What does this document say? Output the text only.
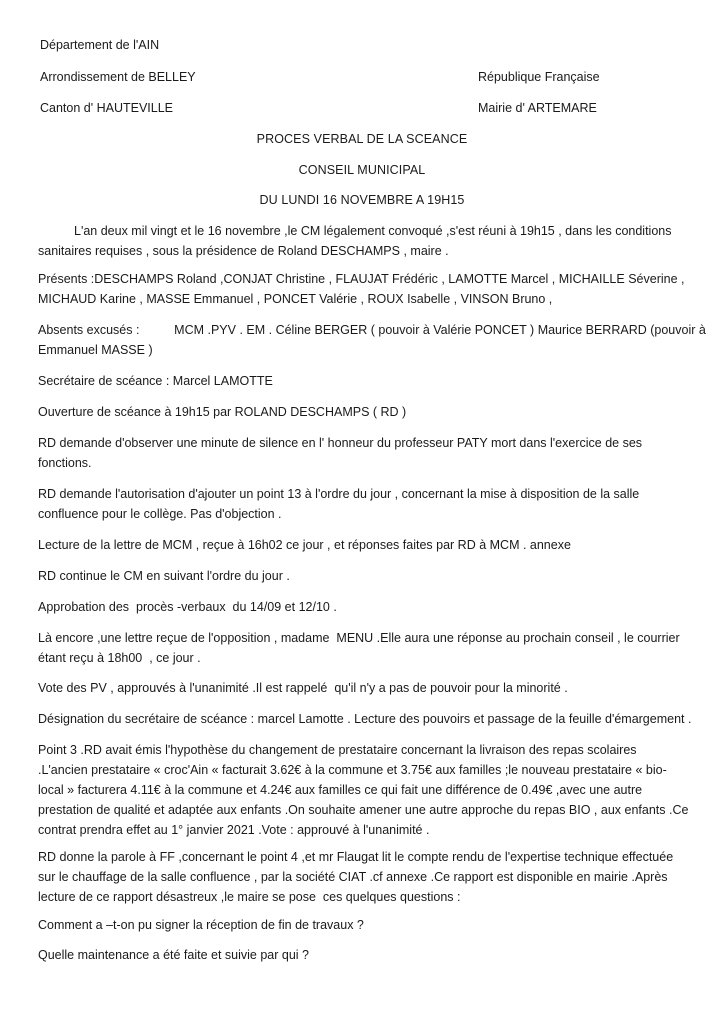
Département de l'AIN
Arrondissement de BELLEY	République Française
Canton d' HAUTEVILLE	Mairie d' ARTEMARE
PROCES VERBAL DE LA SCEANCE
CONSEIL MUNICIPAL
DU LUNDI 16 NOVEMBRE A 19H15
L'an deux mil vingt et le 16 novembre ,le CM légalement convoqué ,s'est réuni à 19h15 , dans les conditions
sanitaires requises , sous la présidence de Roland DESCHAMPS , maire .
Présents :DESCHAMPS Roland ,CONJAT Christine , FLAUJAT Frédéric , LAMOTTE Marcel , MICHAILLE Séverine ,
MICHAUD Karine , MASSE Emmanuel , PONCET Valérie , ROUX Isabelle , VINSON Bruno ,
Absents excusés :          MCM .PYV . EM . Céline BERGER ( pouvoir à Valérie PONCET ) Maurice BERRARD (pouvoir à
Emmanuel MASSE )
Secrétaire de scéance : Marcel LAMOTTE
Ouverture de scéance à 19h15 par ROLAND DESCHAMPS ( RD )
RD demande d'observer une minute de silence en l' honneur du professeur PATY mort dans l'exercice de ses
fonctions.
RD demande l'autorisation d'ajouter un point 13 à l'ordre du jour , concernant la mise à disposition de la salle
confluence pour le collège. Pas d'objection .
Lecture de la lettre de MCM , reçue à 16h02 ce jour , et réponses faites par RD à MCM . annexe
RD continue le CM en suivant l'ordre du jour .
Approbation des  procès -verbaux  du 14/09 et 12/10 .
Là encore ,une lettre reçue de l'opposition , madame  MENU .Elle aura une réponse au prochain conseil , le courrier
étant reçu à 18h00  , ce jour .
Vote des PV , approuvés à l'unanimité .Il est rappelé  qu'il n'y a pas de pouvoir pour la minorité .
Désignation du secrétaire de scéance : marcel Lamotte . Lecture des pouvoirs et passage de la feuille d'émargement .
Point 3 .RD avait émis l'hypothèse du changement de prestataire concernant la livraison des repas scolaires
.L'ancien prestataire « croc'Ain « facturait 3.62€ à la commune et 3.75€ aux familles ;le nouveau prestataire « bio-
local » facturera 4.11€ à la commune et 4.24€ aux familles ce qui fait une différence de 0.49€ ,avec une autre
prestation de qualité et adaptée aux enfants .On souhaite amener une autre approche du repas BIO , aux enfants .Ce
contrat prendra effet au 1° janvier 2021 .Vote : approuvé à l'unanimité .
RD donne la parole à FF ,concernant le point 4 ,et mr Flaugat lit le compte rendu de l'expertise technique effectuée
sur le chauffage de la salle confluence , par la société CIAT .cf annexe .Ce rapport est disponible en mairie .Après
lecture de ce rapport désastreux ,le maire se pose  ces quelques questions :
Comment a –t-on pu signer la réception de fin de travaux ?
Quelle maintenance a été faite et suivie par qui ?
